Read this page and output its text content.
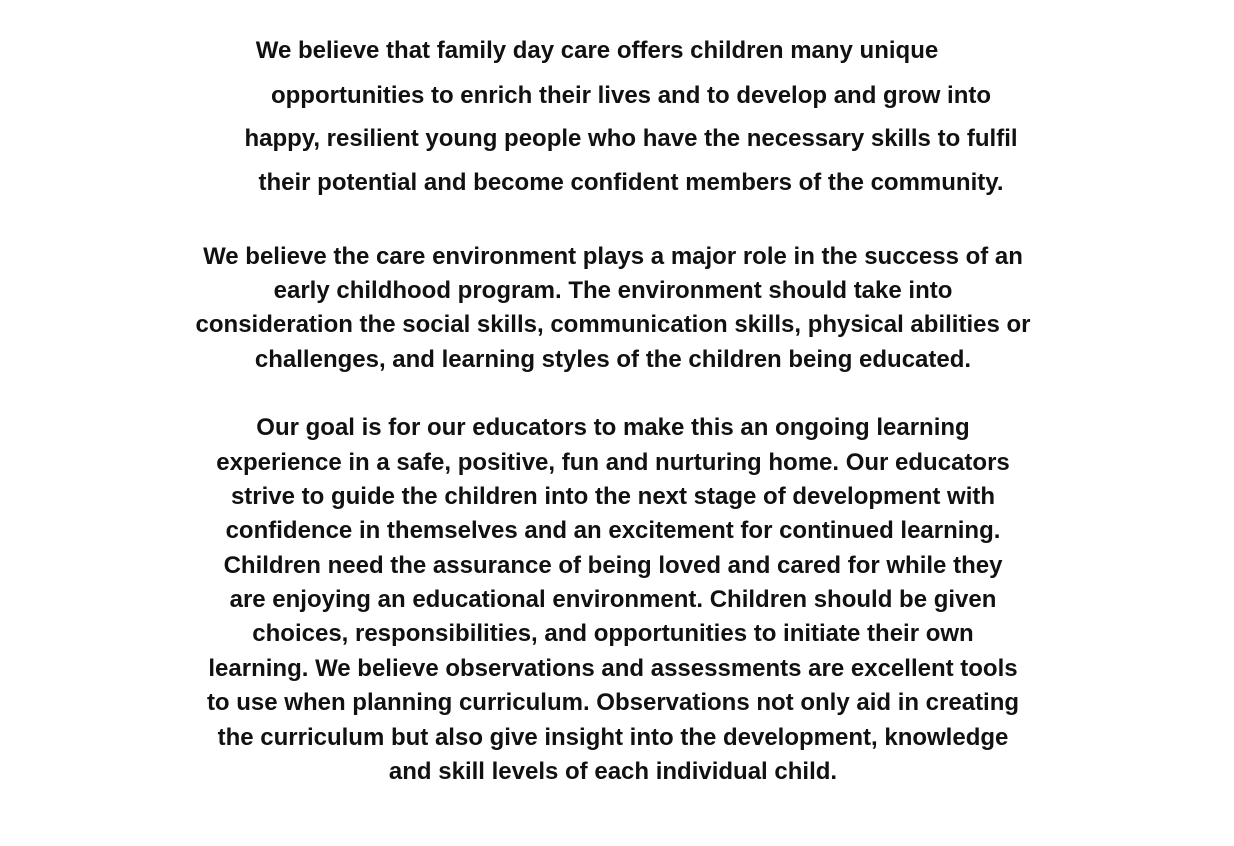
We believe that family day care offers children many unique
opportunities to enrich their lives and to develop and grow into
happy, resilient young people who have the necessary skills to fulfil
their potential and become confident members of the community.
We believe the care environment plays a major role in the success of an
early childhood program. The environment should take into
consideration the social skills, communication skills, physical abilities or
challenges, and learning styles of the children being educated.
Our goal is for our educators to make this an ongoing learning
experience in a safe, positive, fun and nurturing home. Our educators
strive to guide the children into the next stage of development with
confidence in themselves and an excitement for continued learning.
Children need the assurance of being loved and cared for while they
are enjoying an educational environment. Children should be given
choices, responsibilities, and opportunities to initiate their own
learning. We believe observations and assessments are excellent tools
to use when planning curriculum. Observations not only aid in creating
the curriculum but also give insight into the development, knowledge
and skill levels of each individual child.
